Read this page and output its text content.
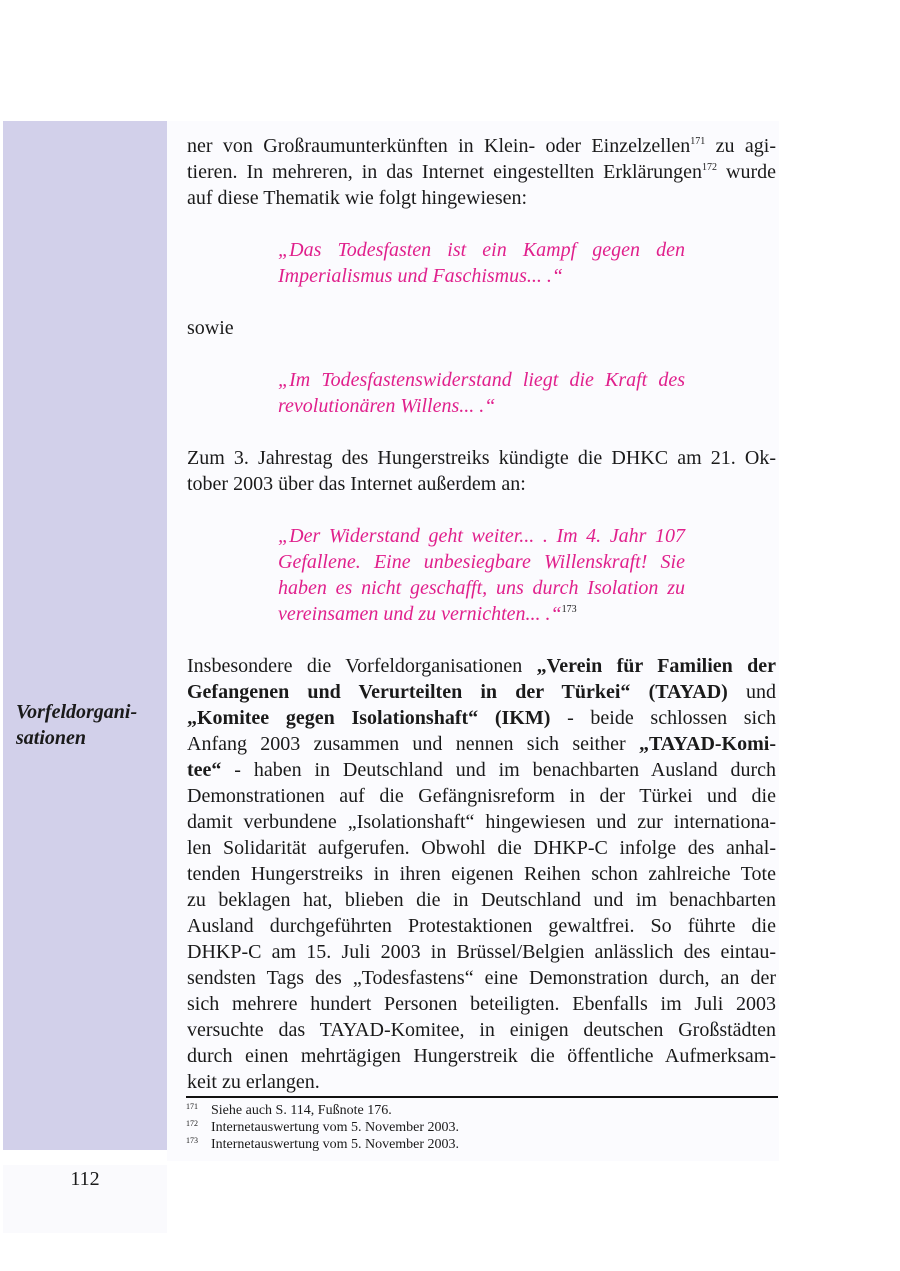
112
Vorfeldorgani-
sationen
ner von Großraumunterkünften in Klein- oder Einzelzellen$^{171}$ zu agi-
tieren. In mehreren, in das Internet eingestellten Erklärungen$^{172}$ wurde
auf diese Thematik wie folgt hingewiesen:
„Das Todesfasten ist ein Kampf gegen den
Imperialismus und Faschismus... .“
sowie
„Im Todesfastenswiderstand liegt die Kraft des
revolutionären Willens... .“
Zum 3. Jahrestag des Hungerstreiks kündigte die DHKC am 21. Ok-
tober 2003 über das Internet außerdem an:
„Der Widerstand geht weiter... . Im 4. Jahr 107
Gefallene. Eine unbesiegbare Willenskraft! Sie
haben es nicht geschafft, uns durch Isolation zu
vereinsamen und zu vernichten... .“$^{173}$
Insbesondere die Vorfeldorganisationen „Verein für Familien der
Gefangenen und Verurteilten in der Türkei“ (TAYAD) und
„Komitee gegen Isolationshaft“ (IKM) - beide schlossen sich
Anfang 2003 zusammen und nennen sich seither „TAYAD-Komi-
tee“ - haben in Deutschland und im benachbarten Ausland durch
Demonstrationen auf die Gefängnisreform in der Türkei und die
damit verbundene „Isolationshaft“ hingewiesen und zur internationa-
len Solidarität aufgerufen. Obwohl die DHKP-C infolge des anhal-
tenden Hungerstreiks in ihren eigenen Reihen schon zahlreiche Tote
zu beklagen hat, blieben die in Deutschland und im benachbarten
Ausland durchgeführten Protestaktionen gewaltfrei. So führte die
DHKP-C am 15. Juli 2003 in Brüssel/Belgien anlässlich des eintau-
sendsten Tags des „Todesfastens“ eine Demonstration durch, an der
sich mehrere hundert Personen beteiligten. Ebenfalls im Juli 2003
versuchte das TAYAD-Komitee, in einigen deutschen Großstädten
durch einen mehrtägigen Hungerstreik die öffentliche Aufmerksam-
keit zu erlangen.
171 Siehe auch S. 114, Fußnote 176.
172 Internetauswertung vom 5. November 2003.
173 Internetauswertung vom 5. November 2003.
